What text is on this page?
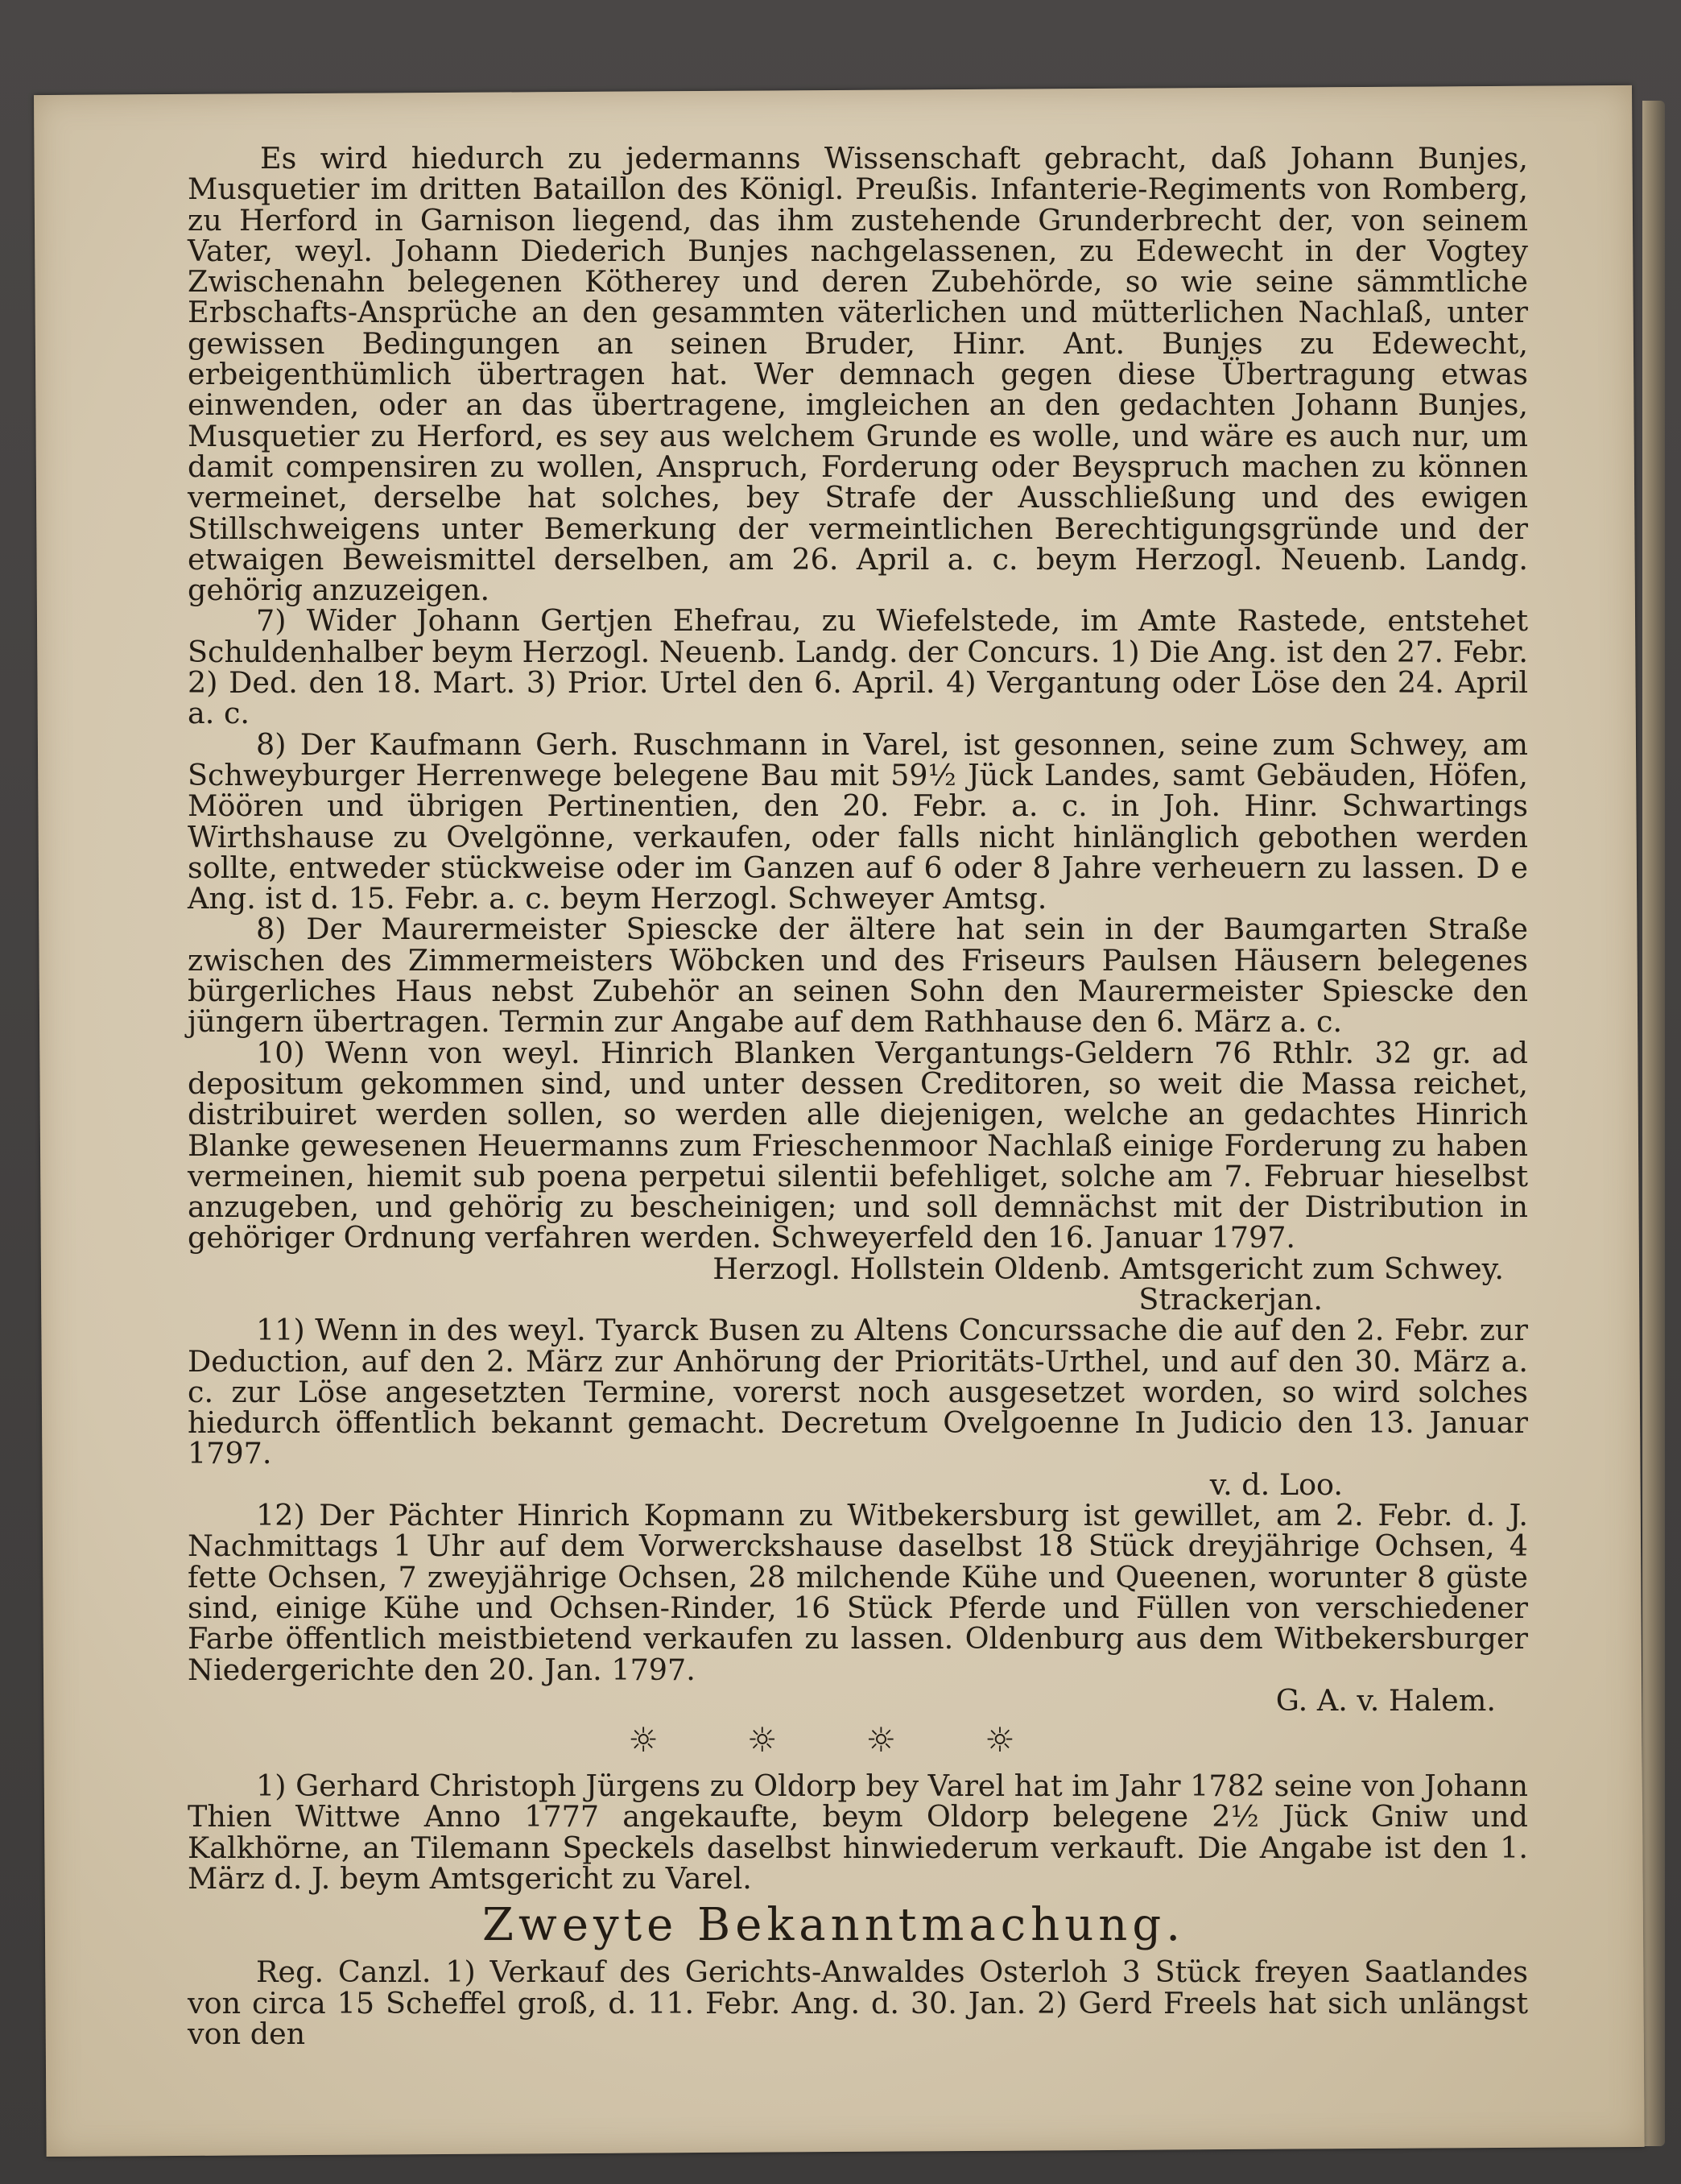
Es wird hiedurch zu jedermanns Wissenschaft gebracht, daß Johann Bunjes, Musquetier im dritten Bataillon des Königl. Preußis. Infanterie-Regiments von Romberg, zu Herford in Garnison liegend, das ihm zustehende Grunderbrecht der, von seinem Vater, weyl. Johann Diederich Bunjes nachgelassenen, zu Edewecht in der Vogtey Zwischenahn belegenen Kötherey und deren Zubehörde, so wie seine sämmtliche Erbschafts-Ansprüche an den gesammten väterlichen und mütterlichen Nachlaß, unter gewissen Bedingungen an seinen Bruder, Hinr. Ant. Bunjes zu Edewecht, erbeigenthümlich übertragen hat. Wer demnach gegen diese Übertragung etwas einwenden, oder an das übertragene, imgleichen an den gedachten Johann Bunjes, Musquetier zu Herford, es sey aus welchem Grunde es wolle, und wäre es auch nur, um damit compensiren zu wollen, Anspruch, Forderung oder Beyspruch machen zu können vermeinet, derselbe hat solches, bey Strafe der Ausschließung und des ewigen Stillschweigens unter Bemerkung der vermeintlichen Berechtigungsgründe und der etwaigen Beweismittel derselben, am 26. April a. c. beym Herzogl. Neuenb. Landg. gehörig anzuzeigen.

7) Wider Johann Gertjen Ehefrau, zu Wiefelstede, im Amte Rastede, entstehet Schuldenhalber beym Herzogl. Neuenb. Landg. der Concurs. 1) Die Ang. ist den 27. Febr. 2) Ded. den 18. Mart. 3) Prior. Urtel den 6. April. 4) Vergantung oder Löse den 24. April a. c.

8) Der Kaufmann Gerh. Ruschmann in Varel, ist gesonnen, seine zum Schwey, am Schweyburger Herrenwege belegene Bau mit 59½ Jück Landes, samt Gebäuden, Höfen, Möören und übrigen Pertinentien, den 20. Febr. a. c. in Joh. Hinr. Schwartings Wirthshause zu Ovelgönne, verkaufen, oder falls nicht hinlänglich gebothen werden sollte, entweder stückweise oder im Ganzen auf 6 oder 8 Jahre verheuern zu lassen. D e Ang. ist d. 15. Febr. a. c. beym Herzogl. Schweyer Amtsg.

8) Der Maurermeister Spiescke der ältere hat sein in der Baumgarten Straße zwischen des Zimmermeisters Wöbcken und des Friseurs Paulsen Häusern belegenes bürgerliches Haus nebst Zubehör an seinen Sohn den Maurermeister Spiescke den jüngern übertragen. Termin zur Angabe auf dem Rathhause den 6. März a. c.

10) Wenn von weyl. Hinrich Blanken Vergantungs-Geldern 76 Rthlr. 32 gr. ad depositum gekommen sind, und unter dessen Creditoren, so weit die Massa reichet, distribuiret werden sollen, so werden alle diejenigen, welche an gedachtes Hinrich Blanke gewesenen Heuermanns zum Frieschenmoor Nachlaß einige Forderung zu haben vermeinen, hiemit sub poena perpetui silentii befehliget, solche am 7. Februar hieselbst anzugeben, und gehörig zu bescheinigen; und soll demnächst mit der Distribution in gehöriger Ordnung verfahren werden. Schweyerfeld den 16. Januar 1797.

Herzogl. Hollstein Oldenb. Amtsgericht zum Schwey.

Strackerjan.

11) Wenn in des weyl. Tyarck Busen zu Altens Concurssache die auf den 2. Febr. zur Deduction, auf den 2. März zur Anhörung der Prioritäts-Urthel, und auf den 30. März a. c. zur Löse angesetzten Termine, vorerst noch ausgesetzet worden, so wird solches hiedurch öffentlich bekannt gemacht. Decretum Ovelgoenne In Judicio den 13. Januar 1797.

v. d. Loo.

12) Der Pächter Hinrich Kopmann zu Witbekersburg ist gewillet, am 2. Febr. d. J. Nachmittags 1 Uhr auf dem Vorwerckshause daselbst 18 Stück dreyjährige Ochsen, 4 fette Ochsen, 7 zweyjährige Ochsen, 28 milchende Kühe und Queenen, worunter 8 güste sind, einige Kühe und Ochsen-Rinder, 16 Stück Pferde und Füllen von verschiedener Farbe öffentlich meistbietend verkaufen zu lassen. Oldenburg aus dem Witbekersburger Niedergerichte den 20. Jan. 1797.

G. A. v. Halem.

☼	☼	☼	☼

1) Gerhard Christoph Jürgens zu Oldorp bey Varel hat im Jahr 1782 seine von Johann Thien Wittwe Anno 1777 angekaufte, beym Oldorp belegene 2½ Jück Gniw und Kalkhörne, an Tilemann Speckels daselbst hinwiederum verkauft. Die Angabe ist den 1. März d. J. beym Amtsgericht zu Varel.

Zweyte Bekanntmachung.

Reg. Canzl. 1) Verkauf des Gerichts-Anwaldes Osterloh 3 Stück freyen Saatlandes von circa 15 Scheffel groß, d. 11. Febr. Ang. d. 30. Jan. 2) Gerd Freels hat sich unlängst von den
